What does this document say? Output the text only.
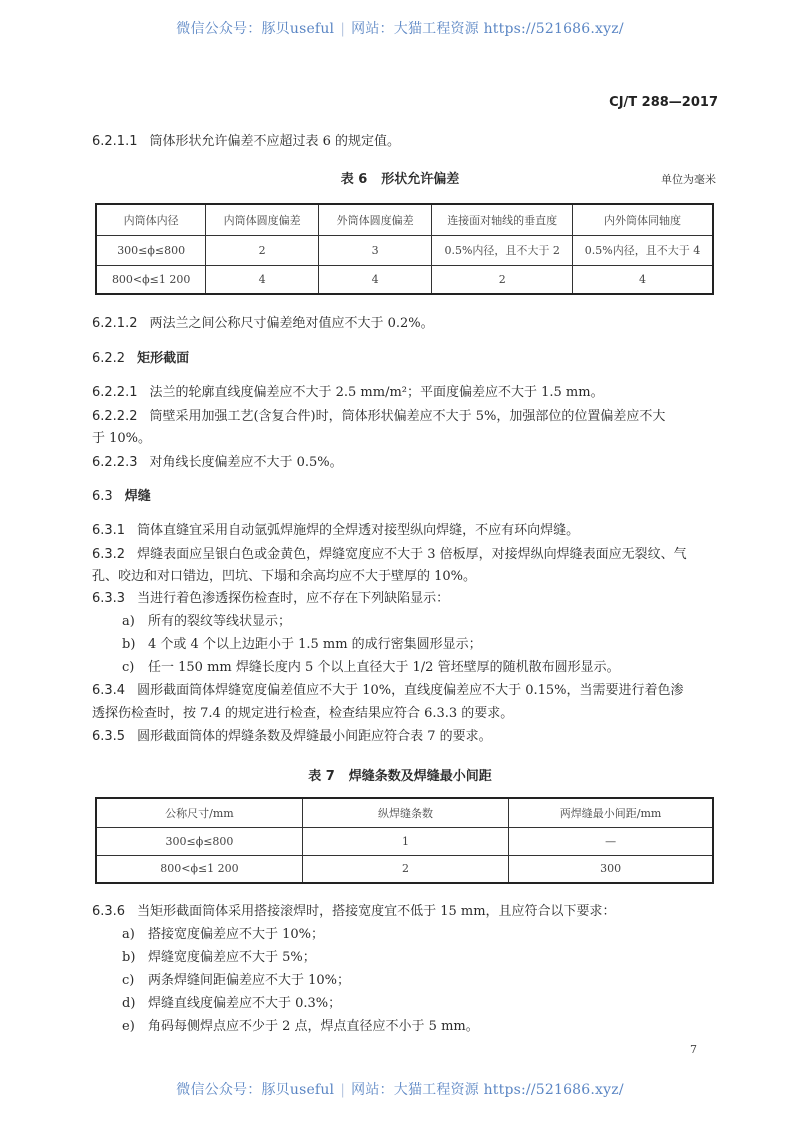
微信公众号：豚贝useful | 网站：大猫工程资源 https://521686.xyz/
CJ/T 288—2017
6.2.1.1 筒体形状允许偏差不应超过表 6 的规定值。
表 6 形状允许偏差	单位为毫米
内筒体内径	内筒体圆度偏差	外筒体圆度偏差	连接面对轴线的垂直度	内外筒体同轴度
300≤ϕ≤800	2	3	0.5%内径，且不大于 2	0.5%内径，且不大于 4
800<ϕ≤1 200	4	4	2	4
6.2.1.2 两法兰之间公称尺寸偏差绝对值应不大于 0.2%。
6.2.2 矩形截面
6.2.2.1 法兰的轮廓直线度偏差应不大于 2.5 mm/m²；平面度偏差应不大于 1.5 mm。
6.2.2.2 筒壁采用加强工艺(含复合件)时，筒体形状偏差应不大于 5%，加强部位的位置偏差应不大
于 10%。
6.2.2.3 对角线长度偏差应不大于 0.5%。
6.3 焊缝
6.3.1 筒体直缝宜采用自动氩弧焊施焊的全焊透对接型纵向焊缝，不应有环向焊缝。
6.3.2 焊缝表面应呈银白色或金黄色，焊缝宽度应不大于 3 倍板厚，对接焊纵向焊缝表面应无裂纹、气
孔、咬边和对口错边，凹坑、下塌和余高均应不大于壁厚的 10%。
6.3.3 当进行着色渗透探伤检查时，应不存在下列缺陷显示：
a) 所有的裂纹等线状显示；
b) 4 个或 4 个以上边距小于 1.5 mm 的成行密集圆形显示；
c) 任一 150 mm 焊缝长度内 5 个以上直径大于 1/2 管坯壁厚的随机散布圆形显示。
6.3.4 圆形截面筒体焊缝宽度偏差值应不大于 10%，直线度偏差应不大于 0.15%，当需要进行着色渗
透探伤检查时，按 7.4 的规定进行检查，检查结果应符合 6.3.3 的要求。
6.3.5 圆形截面筒体的焊缝条数及焊缝最小间距应符合表 7 的要求。
表 7 焊缝条数及焊缝最小间距
公称尺寸/mm	纵焊缝条数	两焊缝最小间距/mm
300≤ϕ≤800	1	—
800<ϕ≤1 200	2	300
6.3.6 当矩形截面筒体采用搭接滚焊时，搭接宽度宜不低于 15 mm，且应符合以下要求：
a) 搭接宽度偏差应不大于 10%；
b) 焊缝宽度偏差应不大于 5%；
c) 两条焊缝间距偏差应不大于 10%；
d) 焊缝直线度偏差应不大于 0.3%；
e) 角码每侧焊点应不少于 2 点，焊点直径应不小于 5 mm。
7
微信公众号：豚贝useful | 网站：大猫工程资源 https://521686.xyz/
